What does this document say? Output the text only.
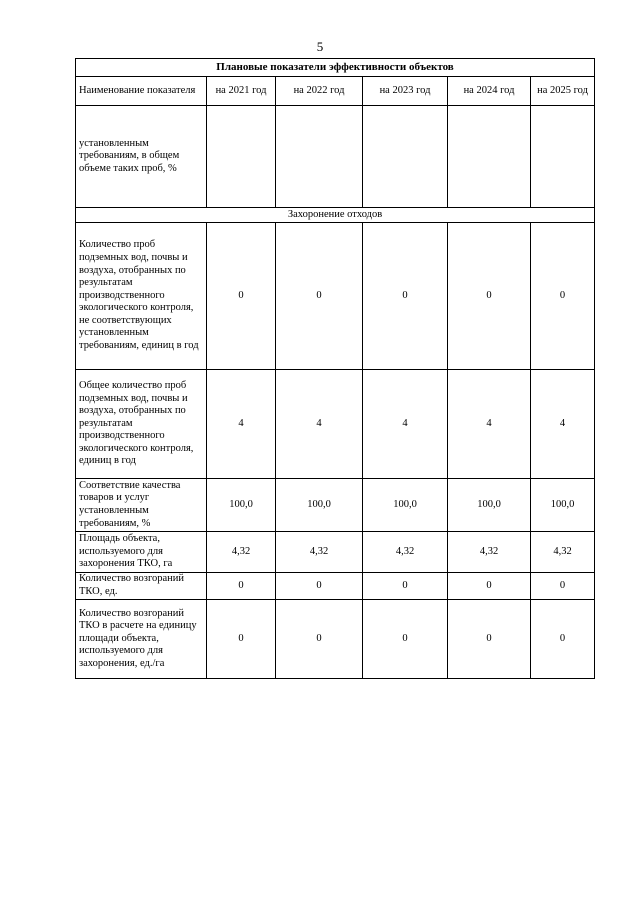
5
Плановые показатели эффективности объектов					
Наименование показателя	на 2021 год	на 2022 год	на 2023 год	на 2024 год	на 2025 год
установленным требованиям, в общем объеме таких проб, %					
Захоронение отходов					
Количество проб подземных вод, почвы и воздуха, отобранных по результатам производственного экологического контроля, не соответствующих установленным требованиям, единиц в год	0	0	0	0	0
Общее количество проб подземных вод, почвы и воздуха, отобранных по результатам производственного экологического контроля, единиц в год	4	4	4	4	4
Соответствие качества товаров и услуг установленным требованиям, %	100,0	100,0	100,0	100,0	100,0
Площадь объекта, используемого для захоронения ТКО, га	4,32	4,32	4,32	4,32	4,32
Количество возгораний ТКО, ед.	0	0	0	0	0
Количество возгораний ТКО в расчете на единицу площади объекта, используемого для захоронения, ед./га	0	0	0	0	0
